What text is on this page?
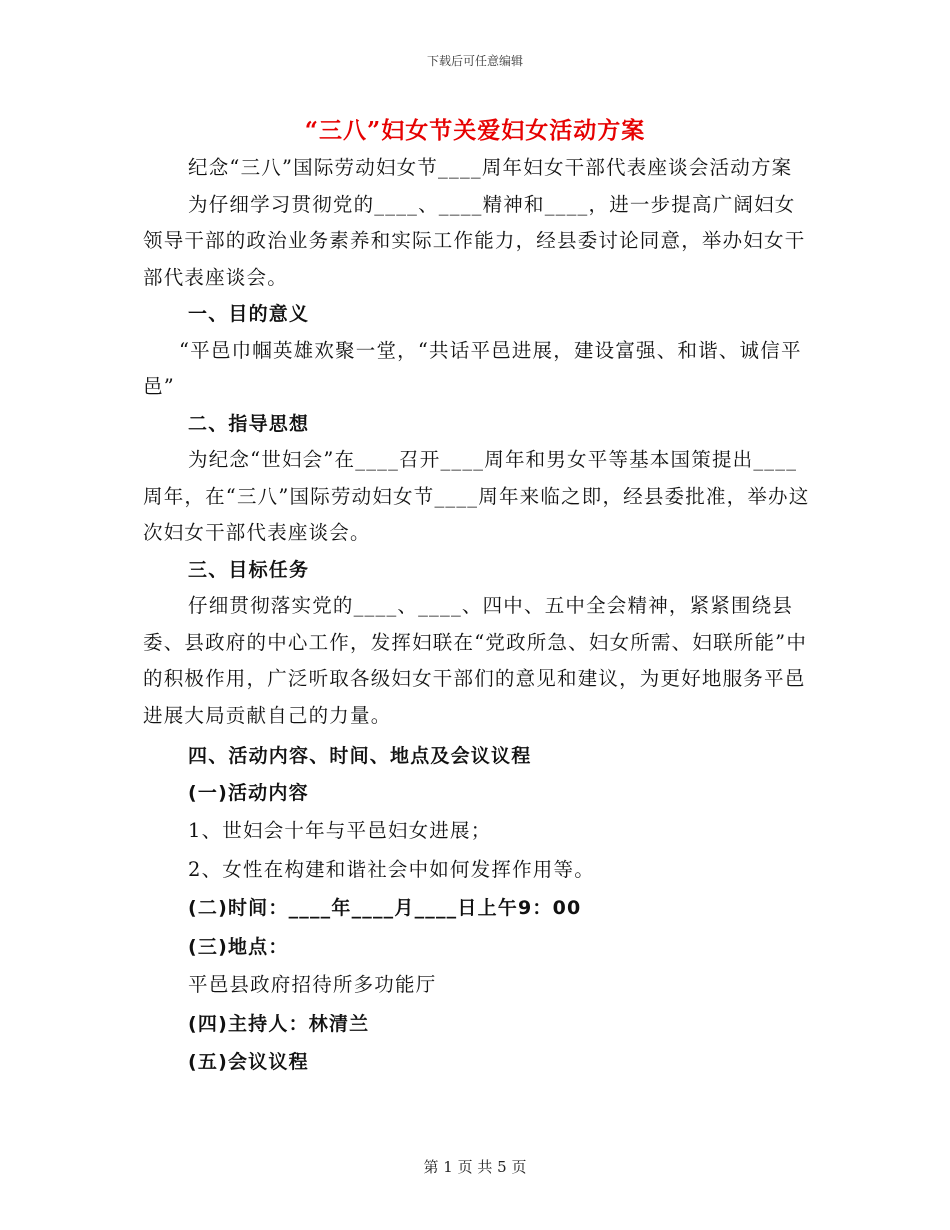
下载后可任意编辑
“三八”妇女节关爱妇女活动方案

纪念“三八”国际劳动妇女节____周年妇女干部代表座谈会活动方案

为仔细学习贯彻党的____、____精神和____，进一步提高广阔妇女领导干部的政治业务素养和实际工作能力，经县委讨论同意，举办妇女干部代表座谈会。

一、目的意义

“平邑巾帼英雄欢聚一堂，“共话平邑进展，建设富强、和谐、诚信平邑”

二、指导思想

为纪念“世妇会”在____召开____周年和男女平等基本国策提出____周年，在“三八”国际劳动妇女节____周年来临之即，经县委批准，举办这次妇女干部代表座谈会。

三、目标任务

仔细贯彻落实党的____、____、四中、五中全会精神，紧紧围绕县委、县政府的中心工作，发挥妇联在“党政所急、妇女所需、妇联所能”中的积极作用，广泛听取各级妇女干部们的意见和建议，为更好地服务平邑进展大局贡献自己的力量。

四、活动内容、时间、地点及会议议程

(一)活动内容

1、世妇会十年与平邑妇女进展；

2、女性在构建和谐社会中如何发挥作用等。

(二)时间：____年____月____日上午9：00

(三)地点：

平邑县政府招待所多功能厅

(四)主持人：林清兰

(五)会议议程

第 1 页 共 5 页
